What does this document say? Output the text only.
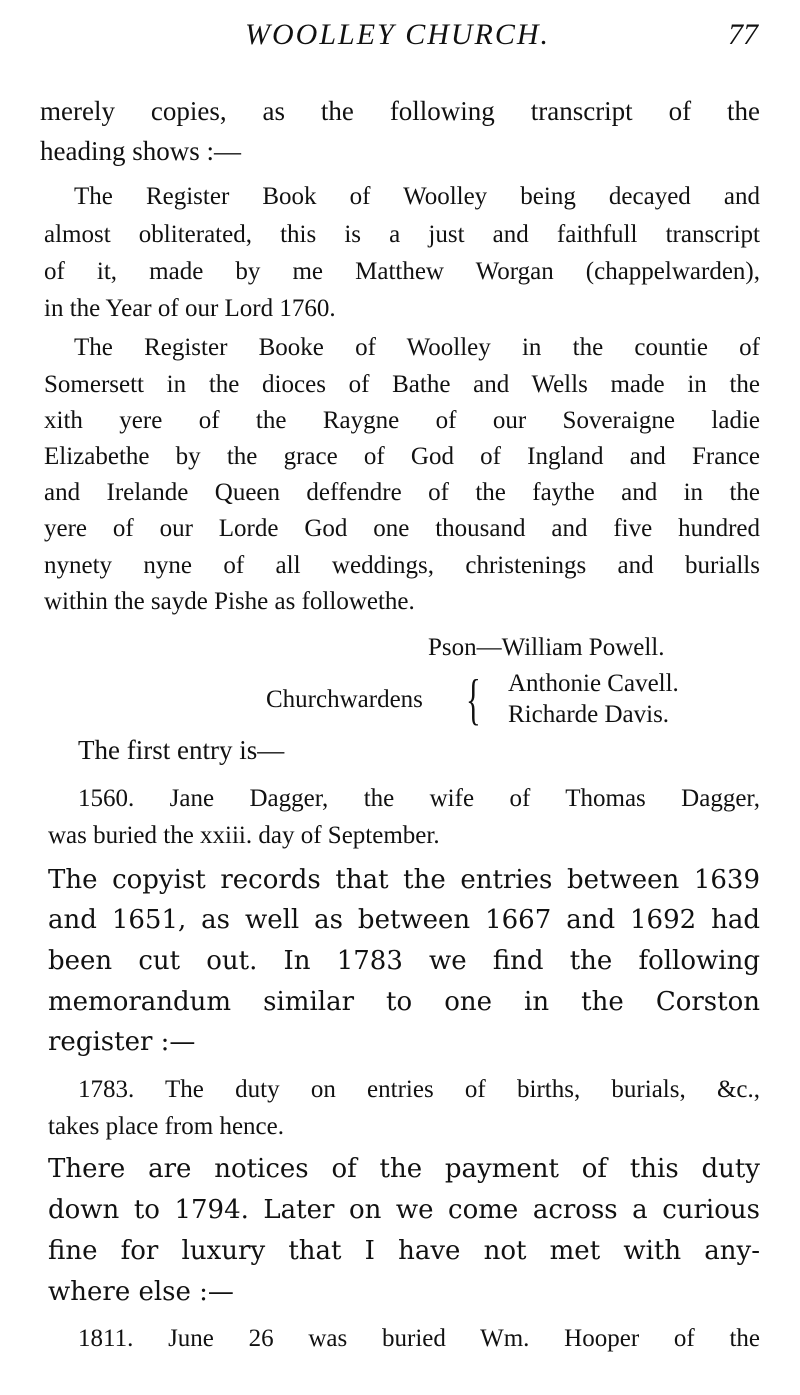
WOOLLEY CHURCH.	77
merely copies, as the following transcript of the
heading shows :—
The Register Book of Woolley being decayed and
almost obliterated, this is a just and faithfull transcript
of it, made by me Matthew Worgan (chappelwarden),
in the Year of our Lord 1760.
The Register Booke of Woolley in the countie of
Somersett in the dioces of Bathe and Wells made in the
xith yere of the Raygne of our Soveraigne ladie
Elizabethe by the grace of God of Ingland and France
and Irelande Queen deffendre of the faythe and in the
yere of our Lorde God one thousand and five hundred
nynety nyne of all weddings, christenings and burialls
within the sayde Pishe as followethe.
Pson—William Powell.
Churchwardens { Anthonie Cavell.
Richarde Davis.
The first entry is—
1560. Jane Dagger, the wife of Thomas Dagger,
was buried the xxiii. day of September.
The copyist records that the entries between 1639
and 1651, as well as between 1667 and 1692 had
been cut out. In 1783 we find the following
memorandum similar to one in the Corston
register :—
1783. The duty on entries of births, burials, &c.,
takes place from hence.
There are notices of the payment of this duty
down to 1794. Later on we come across a curious
fine for luxury that I have not met with any-
where else :—
1811. June 26 was buried Wm. Hooper of the
